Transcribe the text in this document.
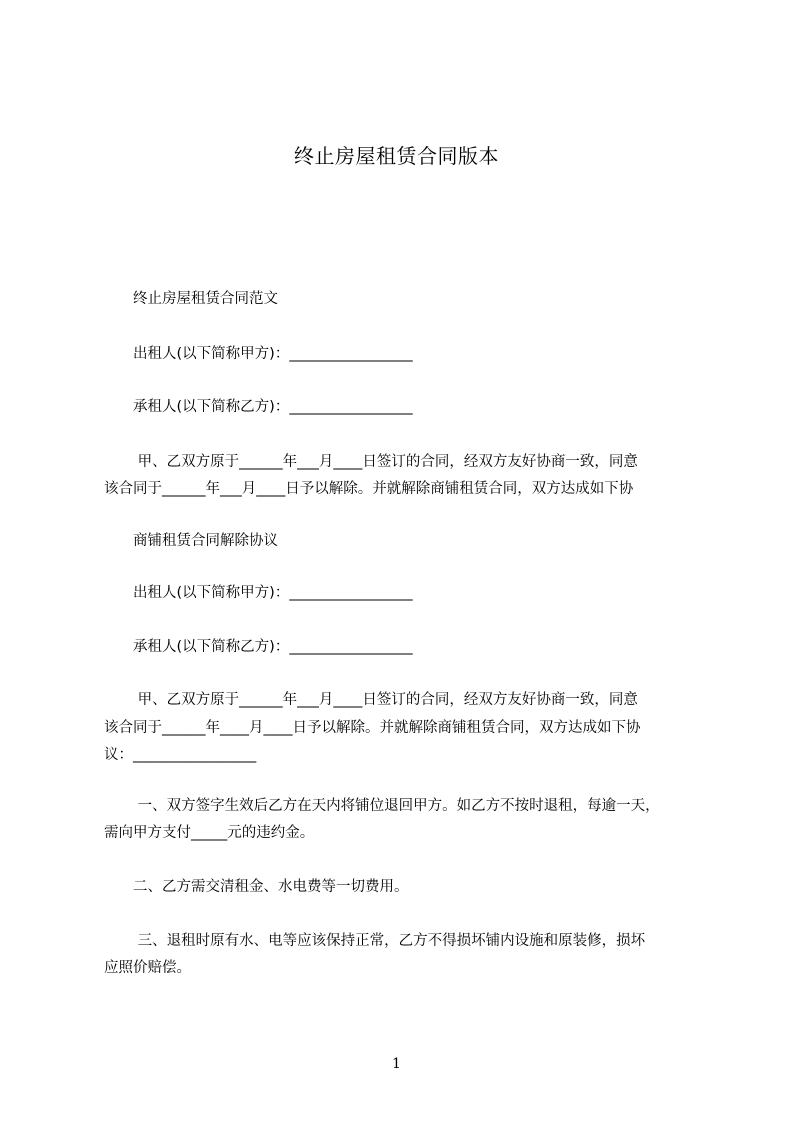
终止房屋租赁合同版本
　　终止房屋租赁合同范文
　　出租人(以下简称甲方)：_________________
　　承租人(以下简称乙方)：_________________
　　 甲、乙双方原于______年___月____日签订的合同，经双方友好协商一致，同意
该合同于______年___月____日予以解除。并就解除商铺租赁合同，双方达成如下协
　　商铺租赁合同解除协议
　　出租人(以下简称甲方)：_________________
　　承租人(以下简称乙方)：_________________
　　 甲、乙双方原于______年___月____日签订的合同，经双方友好协商一致，同意
该合同于______年____月____日予以解除。并就解除商铺租赁合同，双方达成如下协
议：_________________
　　 一、双方签字生效后乙方在天内将铺位退回甲方。如乙方不按时退租，每逾一天，
需向甲方支付_____元的违约金。
　　二、乙方需交清租金、水电费等一切费用。
　　 三、退租时原有水、电等应该保持正常，乙方不得损坏铺内设施和原装修，损坏
应照价赔偿。
1
